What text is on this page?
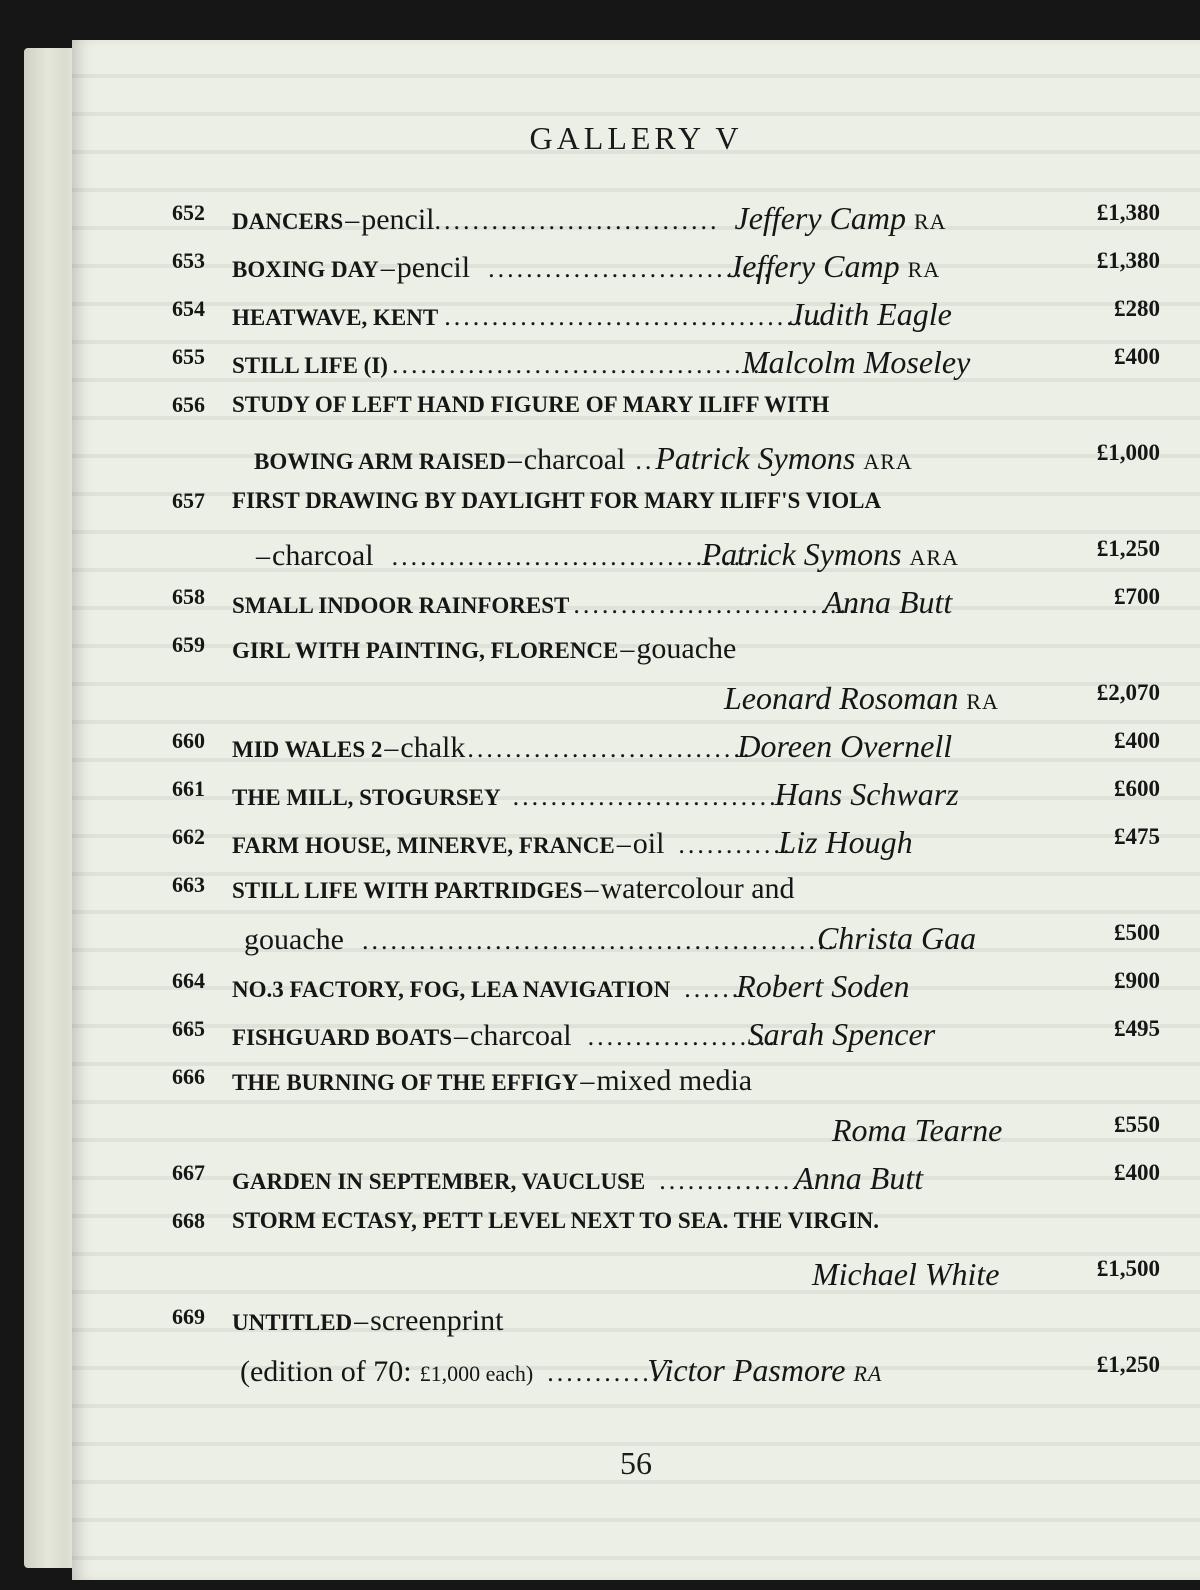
GALLERY V
652 DANCERS – pencil .............................. Jeffery Camp RA	£1,380
653 BOXING DAY – pencil ..............................
Jeffery Camp RA	£1,380
654 HEATWAVE, KENT ........................................
Judith Eagle	£280
655 STILL LIFE (I) ........................................
Malcolm Moseley	£400
656 STUDY OF LEFT HAND FIGURE OF MARY ILIFF WITH
BOWING ARM RAISED – charcoal .. Patrick Symons ARA	£1,000
657 FIRST DRAWING BY DAYLIGHT FOR MARY ILIFF'S VIOLA
– charcoal ........................................
Patrick Symons ARA	£1,250
658 SMALL INDOOR RAINFOREST ..............................
Anna Butt	£700
659 GIRL WITH PAINTING, FLORENCE – gouache
Leonard Rosoman RA	£2,070
660 MID WALES 2 – chalk ..............................
Doreen Overnell	£400
661 THE MILL, STOGURSEY ..............................
Hans Schwarz	£600
662 FARM HOUSE, MINERVE, FRANCE – oil ............
Liz Hough	£475
663 STILL LIFE WITH PARTRIDGES – watercolour and
gouache ..................................................
Christa Gaa	£500
664 NO.3 FACTORY, FOG, LEA NAVIGATION ......
Robert Soden	£900
665 FISHGUARD BOATS – charcoal ....................
Sarah Spencer	£495
666 THE BURNING OF THE EFFIGY – mixed media
Roma Tearne	£550
667 GARDEN IN SEPTEMBER, VAUCLUSE ................
Anna Butt	£400
668 STORM ECTASY, PETT LEVEL NEXT TO SEA. THE VIRGIN.
Michael White	£1,500
669 UNTITLED – screenprint
(edition of 70: £1,000 each) ............
Victor Pasmore RA	£1,250
56
